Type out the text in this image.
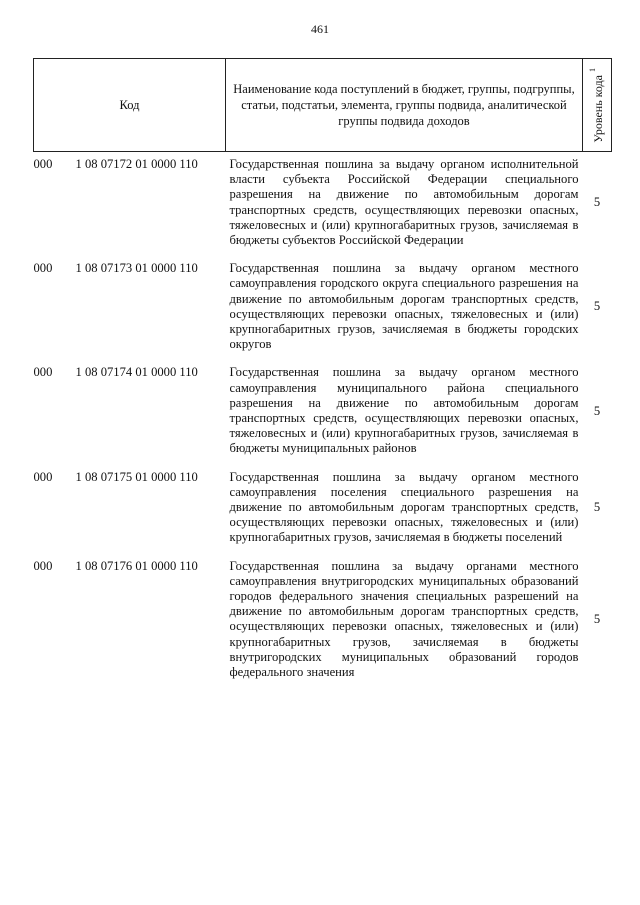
461
Код	Наименование кода поступлений в бюджет, группы, подгруппы, статьи, подстатьи, элемента, группы подвида, аналитической группы подвида доходов	Уровень кода $^1$

000 1 08 07172 01 0000 110	Государственная пошлина за выдачу органом исполнительной власти субъекта Российской Федерации специального разрешения на движение по автомобильным дорогам транспортных средств, осуществляющих перевозки опасных, тяжеловесных и (или) крупногабаритных грузов, зачисляемая в бюджеты субъектов Российской Федерации	5

000 1 08 07173 01 0000 110	Государственная пошлина за выдачу органом местного самоуправления городского округа специального разрешения на движение по автомобильным дорогам транспортных средств, осуществляющих перевозки опасных, тяжеловесных и (или) крупногабаритных грузов, зачисляемая в бюджеты городских округов	5

000 1 08 07174 01 0000 110	Государственная пошлина за выдачу органом местного самоуправления муниципального района специального разрешения на движение по автомобильным дорогам транспортных средств, осуществляющих перевозки опасных, тяжеловесных и (или) крупногабаритных грузов, зачисляемая в бюджеты муниципальных районов	5

000 1 08 07175 01 0000 110	Государственная пошлина за выдачу органом местного самоуправления поселения специального разрешения на движение по автомобильным дорогам транспортных средств, осуществляющих перевозки опасных, тяжеловесных и (или) крупногабаритных грузов, зачисляемая в бюджеты поселений	5

000 1 08 07176 01 0000 110	Государственная пошлина за выдачу органами местного самоуправления внутригородских муниципальных образований городов федерального значения специальных разрешений на движение по автомобильным дорогам транспортных средств, осуществляющих перевозки опасных, тяжеловесных и (или) крупногабаритных грузов, зачисляемая в бюджеты внутригородских муниципальных образований городов федерального значения	5
